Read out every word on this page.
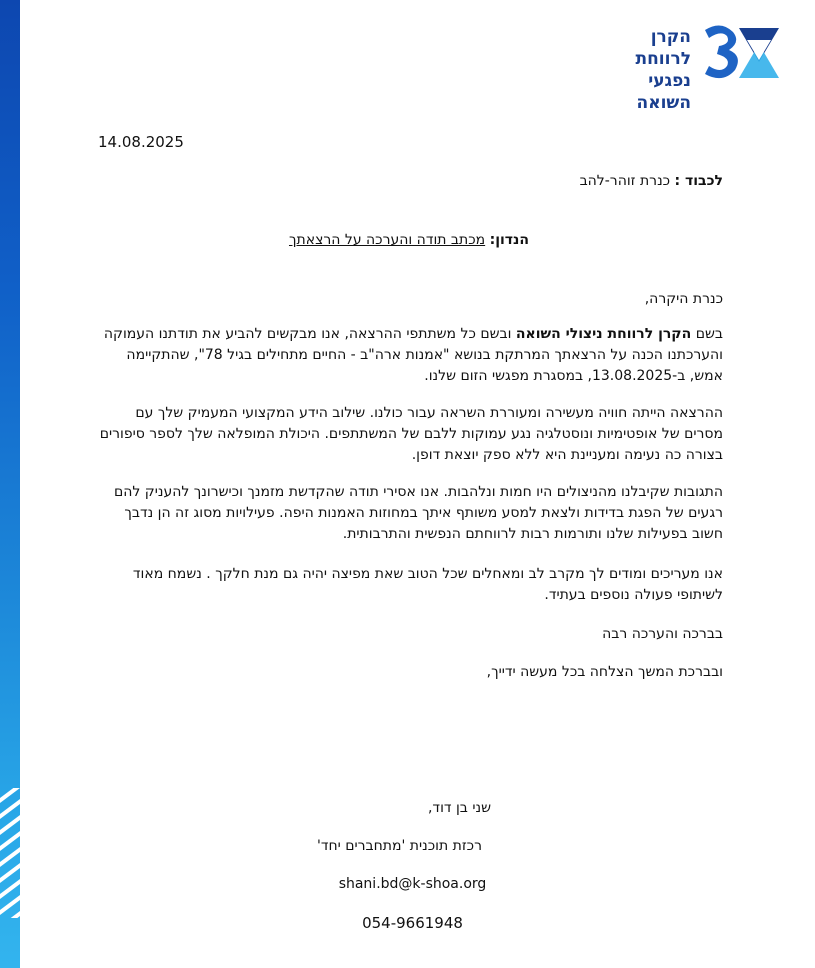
הקרן לרווחת
נפגעי השואה
14.08.2025
לכבוד : כנרת זוהר-להב
הנדון: מכתב תודה והערכה על הרצאתך
כנרת היקרה,
בשם הקרן לרווחת ניצולי השואה ובשם כל משתתפי ההרצאה, אנו מבקשים להביע את תודתנו העמוקה והערכתנו הכנה על הרצאתך המרתקת בנושא "אמנות ארה"ב - החיים מתחילים בגיל 78", שהתקיימה אמש, ב-13.08.2025, במסגרת מפגשי הזום שלנו.
ההרצאה הייתה חוויה מעשירה ומעוררת השראה עבור כולנו. שילוב הידע המקצועי המעמיק שלך עם מסרים של אופטימיות ונוסטלגיה נגע עמוקות ללבם של המשתתפים. היכולת המופלאה שלך לספר סיפורים בצורה כה נעימה ומעניינת היא ללא ספק יוצאת דופן.
התגובות שקיבלנו מהניצולים היו חמות ונלהבות. אנו אסירי תודה שהקדשת מזמנך וכישרונך להעניק להם רגעים של הפגת בדידות ולצאת למסע משותף איתך במחוזות האמנות היפה. פעילויות מסוג זה הן נדבך חשוב בפעילות שלנו ותורמות רבות לרווחתם הנפשית והתרבותית.
אנו מעריכים ומודים לך מקרב לב ומאחלים שכל הטוב שאת מפיצה יהיה גם מנת חלקך . נשמח מאוד לשיתופי פעולה נוספים בעתיד.
בברכה והערכה רבה
ובברכת המשך הצלחה בכל מעשה ידייך,
שני בן דוד,
רכזת תוכנית 'מתחברים יחד'
shani.bd@k-shoa.org
054-9661948
